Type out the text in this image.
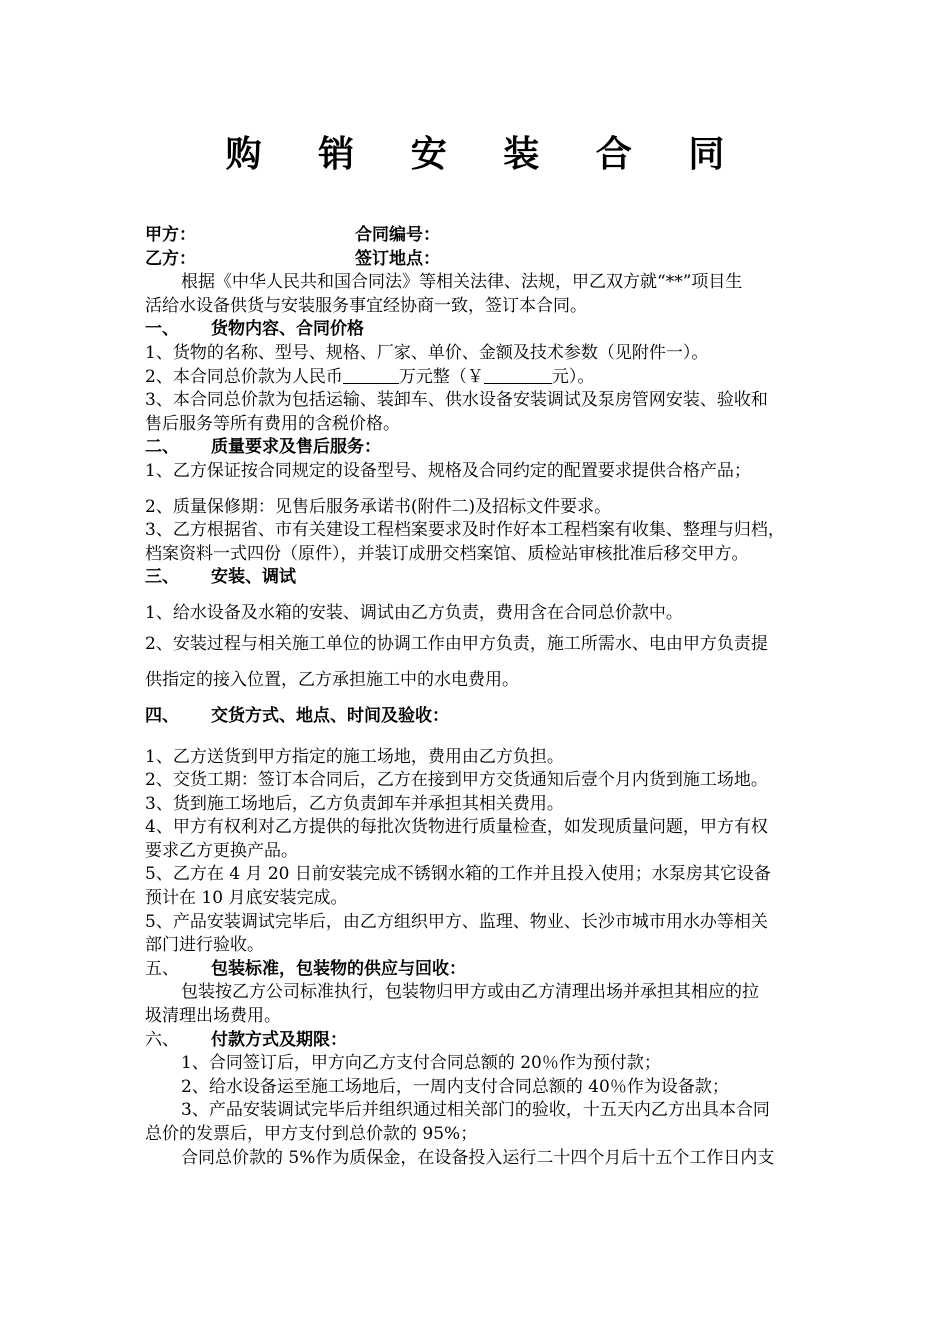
购 销 安 装 合 同
甲方：	合同编号：
乙方：	签订地点：
根据《中华人民共和国合同法》等相关法律、法规，甲乙双方就“**”项目生
活给水设备供货与安装服务事宜经协商一致，签订本合同。
一、 货物内容、合同价格
1、货物的名称、型号、规格、厂家、单价、金额及技术参数（见附件一）。
2、本合同总价款为人民币	万元整（￥	元）。
3、本合同总价款为包括运输、装卸车、供水设备安装调试及泵房管网安装、验收和
售后服务等所有费用的含税价格。
二、 质量要求及售后服务：
1、乙方保证按合同规定的设备型号、规格及合同约定的配置要求提供合格产品；
2、质量保修期：见售后服务承诺书(附件二)及招标文件要求。
3、乙方根据省、市有关建设工程档案要求及时作好本工程档案有收集、整理与归档，
档案资料一式四份（原件），并装订成册交档案馆、质检站审核批准后移交甲方。
三、 安装、调试
1、给水设备及水箱的安装、调试由乙方负责，费用含在合同总价款中。
2、安装过程与相关施工单位的协调工作由甲方负责，施工所需水、电由甲方负责提
供指定的接入位置，乙方承担施工中的水电费用。
四、 交货方式、地点、时间及验收：
1、乙方送货到甲方指定的施工场地，费用由乙方负担。
2、交货工期：签订本合同后，乙方在接到甲方交货通知后壹个月内货到施工场地。
3、货到施工场地后，乙方负责卸车并承担其相关费用。
4、甲方有权利对乙方提供的每批次货物进行质量检查，如发现质量问题，甲方有权
要求乙方更换产品。
5、乙方在 4 月 20 日前安装完成不锈钢水箱的工作并且投入使用；水泵房其它设备
预计在 10 月底安装完成。
5、产品安装调试完毕后，由乙方组织甲方、监理、物业、长沙市城市用水办等相关
部门进行验收。
五、 包装标准，包装物的供应与回收：
包装按乙方公司标准执行，包装物归甲方或由乙方清理出场并承担其相应的拉
圾清理出场费用。
六、 付款方式及期限：
1、合同签订后，甲方向乙方支付合同总额的 20％作为预付款；
2、给水设备运至施工场地后，一周内支付合同总额的 40％作为设备款；
3、产品安装调试完毕后并组织通过相关部门的验收，十五天内乙方出具本合同
总价的发票后，甲方支付到总价款的 95%；
合同总价款的 5%作为质保金，在设备投入运行二十四个月后十五个工作日内支
